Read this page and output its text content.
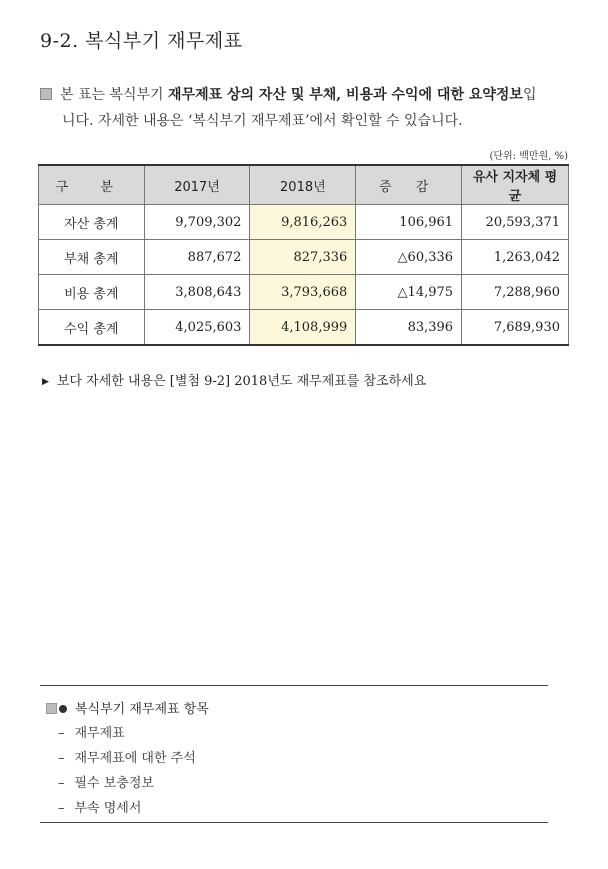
9-2. 복식부기 재무제표
본 표는 복식부기 재무제표 상의 자산 및 부채, 비용과 수익에 대한 요약정보입
니다. 자세한 내용은 ‘복식부기 재무제표’에서 확인할 수 있습니다.
(단위: 백만원, %)
구 분	2017년	2018년	증 감	유사 지자체 평균
자산 총계	9,709,302	9,816,263	106,961	20,593,371
부채 총계	887,672	827,336	△60,336	1,263,042
비용 총계	3,808,643	3,793,668	△14,975	7,288,960
수익 총계	4,025,603	4,108,999	83,396	7,689,930
▶ 보다 자세한 내용은 [별첨 9-2] 2018년도 재무제표를 참조하세요
복식부기 재무제표 항목
– 재무제표
– 재무제표에 대한 주석
– 필수 보충정보
– 부속 명세서
